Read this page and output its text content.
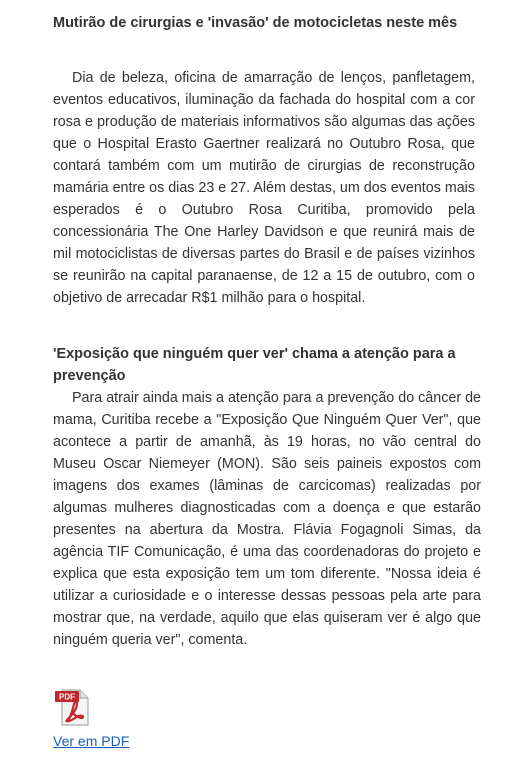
Mutirão de cirurgias e 'invasão' de motocicletas neste mês

Dia de beleza, oficina de amarração de lenços, panfletagem, eventos educativos, iluminação da fachada do hospital com a cor rosa e produção de materiais informativos são algumas das ações que o Hospital Erasto Gaertner realizará no Outubro Rosa, que contará também com um mutirão de cirurgias de reconstrução mamária entre os dias 23 e 27. Além destas, um dos eventos mais esperados é o Outubro Rosa Curitiba, promovido pela concessionária The One Harley Davidson e que reunirá mais de mil motociclistas de diversas partes do Brasil e de países vizinhos se reunirão na capital paranaense, de 12 a 15 de outubro, com o objetivo de arrecadar R$1 milhão para o hospital.

'Exposição que ninguém quer ver' chama a atenção para a prevenção

Para atrair ainda mais a atenção para a prevenção do câncer de mama, Curitiba recebe a "Exposição Que Ninguém Quer Ver", que acontece a partir de amanhã, às 19 horas, no vão central do Museu Oscar Niemeyer (MON). São seis paineis expostos com imagens dos exames (lâminas de carcicomas) realizadas por algumas mulheres diagnosticadas com a doença e que estarão presentes na abertura da Mostra. Flávia Fogagnoli Simas, da agência TIF Comunicação, é uma das coordenadoras do projeto e explica que esta exposição tem um tom diferente. "Nossa ideia é utilizar a curiosidade e o interesse dessas pessoas pela arte para mostrar que, na verdade, aquilo que elas quiseram ver é algo que ninguém queria ver", comenta.

PDF
Ver em PDF
